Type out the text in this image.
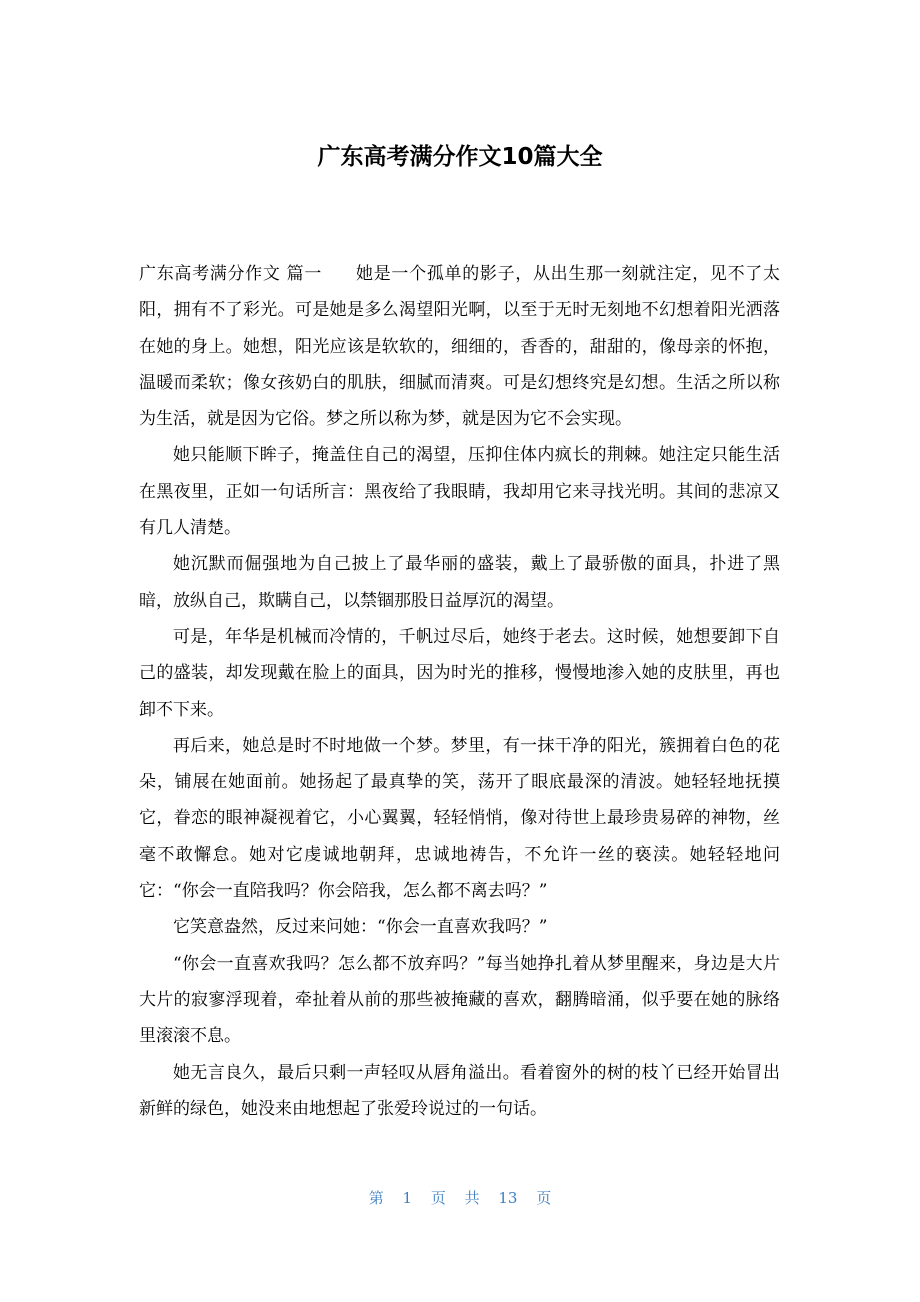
广东高考满分作文10篇大全

广东高考满分作文 篇一 她是一个孤单的影子，从出生那一刻就注定，见不了太阳，拥有不了彩光。可是她是多么渴望阳光啊，以至于无时无刻地不幻想着阳光洒落在她的身上。她想，阳光应该是软软的，细细的，香香的，甜甜的，像母亲的怀抱，温暖而柔软；像女孩奶白的肌肤，细腻而清爽。可是幻想终究是幻想。生活之所以称为生活，就是因为它俗。梦之所以称为梦，就是因为它不会实现。

她只能顺下眸子，掩盖住自己的渴望，压抑住体内疯长的荆棘。她注定只能生活在黑夜里，正如一句话所言：黑夜给了我眼睛，我却用它来寻找光明。其间的悲凉又有几人清楚。

她沉默而倔强地为自己披上了最华丽的盛装，戴上了最骄傲的面具，扑进了黑暗，放纵自己，欺瞒自己，以禁锢那股日益厚沉的渴望。

可是，年华是机械而冷情的，千帆过尽后，她终于老去。这时候，她想要卸下自己的盛装，却发现戴在脸上的面具，因为时光的推移，慢慢地渗入她的皮肤里，再也卸不下来。

再后来，她总是时不时地做一个梦。梦里，有一抹干净的阳光，簇拥着白色的花朵，铺展在她面前。她扬起了最真挚的笑，荡开了眼底最深的清波。她轻轻地抚摸它，眷恋的眼神凝视着它，小心翼翼，轻轻悄悄，像对待世上最珍贵易碎的神物，丝毫不敢懈怠。她对它虔诚地朝拜，忠诚地祷告，不允许一丝的亵渎。她轻轻地问它：“你会一直陪我吗？你会陪我，怎么都不离去吗？”

它笑意盎然，反过来问她：“你会一直喜欢我吗？”

“你会一直喜欢我吗？怎么都不放弃吗？”每当她挣扎着从梦里醒来，身边是大片大片的寂寥浮现着，牵扯着从前的那些被掩藏的喜欢，翻腾暗涌，似乎要在她的脉络里滚滚不息。

她无言良久，最后只剩一声轻叹从唇角溢出。看着窗外的树的枝丫已经开始冒出新鲜的绿色，她没来由地想起了张爱玲说过的一句话。

第 1 页 共 13 页
